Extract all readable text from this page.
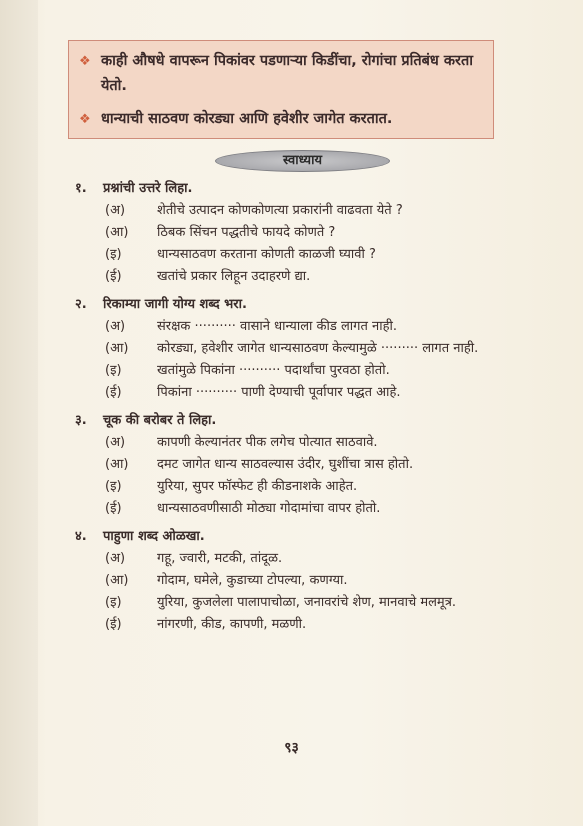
❖ काही औषधे वापरून पिकांवर पडणाऱ्या किडींचा, रोगांचा प्रतिबंध करता येतो.
❖ धान्याची साठवण कोरड्या आणि हवेशीर जागेत करतात.
स्वाध्याय
१.	प्रश्नांची उत्तरे लिहा.
(अ)	शेतीचे उत्पादन कोणकोणत्या प्रकारांनी वाढवता येते ?
(आ)	ठिबक सिंचन पद्धतीचे फायदे कोणते ?
(इ)	धान्यसाठवण करताना कोणती काळजी घ्यावी ?
(ई)	खतांचे प्रकार लिहून उदाहरणे द्या.
२.	रिकाम्या जागी योग्य शब्द भरा.
(अ)	संरक्षक ·········· वासाने धान्याला कीड लागत नाही.
(आ)	कोरड्या, हवेशीर जागेत धान्यसाठवण केल्यामुळे ········· लागत नाही.
(इ)	खतांमुळे पिकांना ·········· पदार्थांचा पुरवठा होतो.
(ई)	पिकांना ·········· पाणी देण्याची पूर्वापार पद्धत आहे.
३.	चूक की बरोबर ते लिहा.
(अ)	कापणी केल्यानंतर पीक लगेच पोत्यात साठवावे.
(आ)	दमट जागेत धान्य साठवल्यास उंदीर, घुशींचा त्रास होतो.
(इ)	युरिया, सुपर फॉस्फेट ही कीडनाशके आहेत.
(ई)	धान्यसाठवणीसाठी मोठ्या गोदामांचा वापर होतो.
४.	पाहुणा शब्द ओळखा.
(अ)	गहू, ज्वारी, मटकी, तांदूळ.
(आ)	गोदाम, घमेले, कुडाच्या टोपल्या, कणग्या.
(इ)	युरिया, कुजलेला पालापाचोळा, जनावरांचे शेण, मानवाचे मलमूत्र.
(ई)	नांगरणी, कीड, कापणी, मळणी.
९३
